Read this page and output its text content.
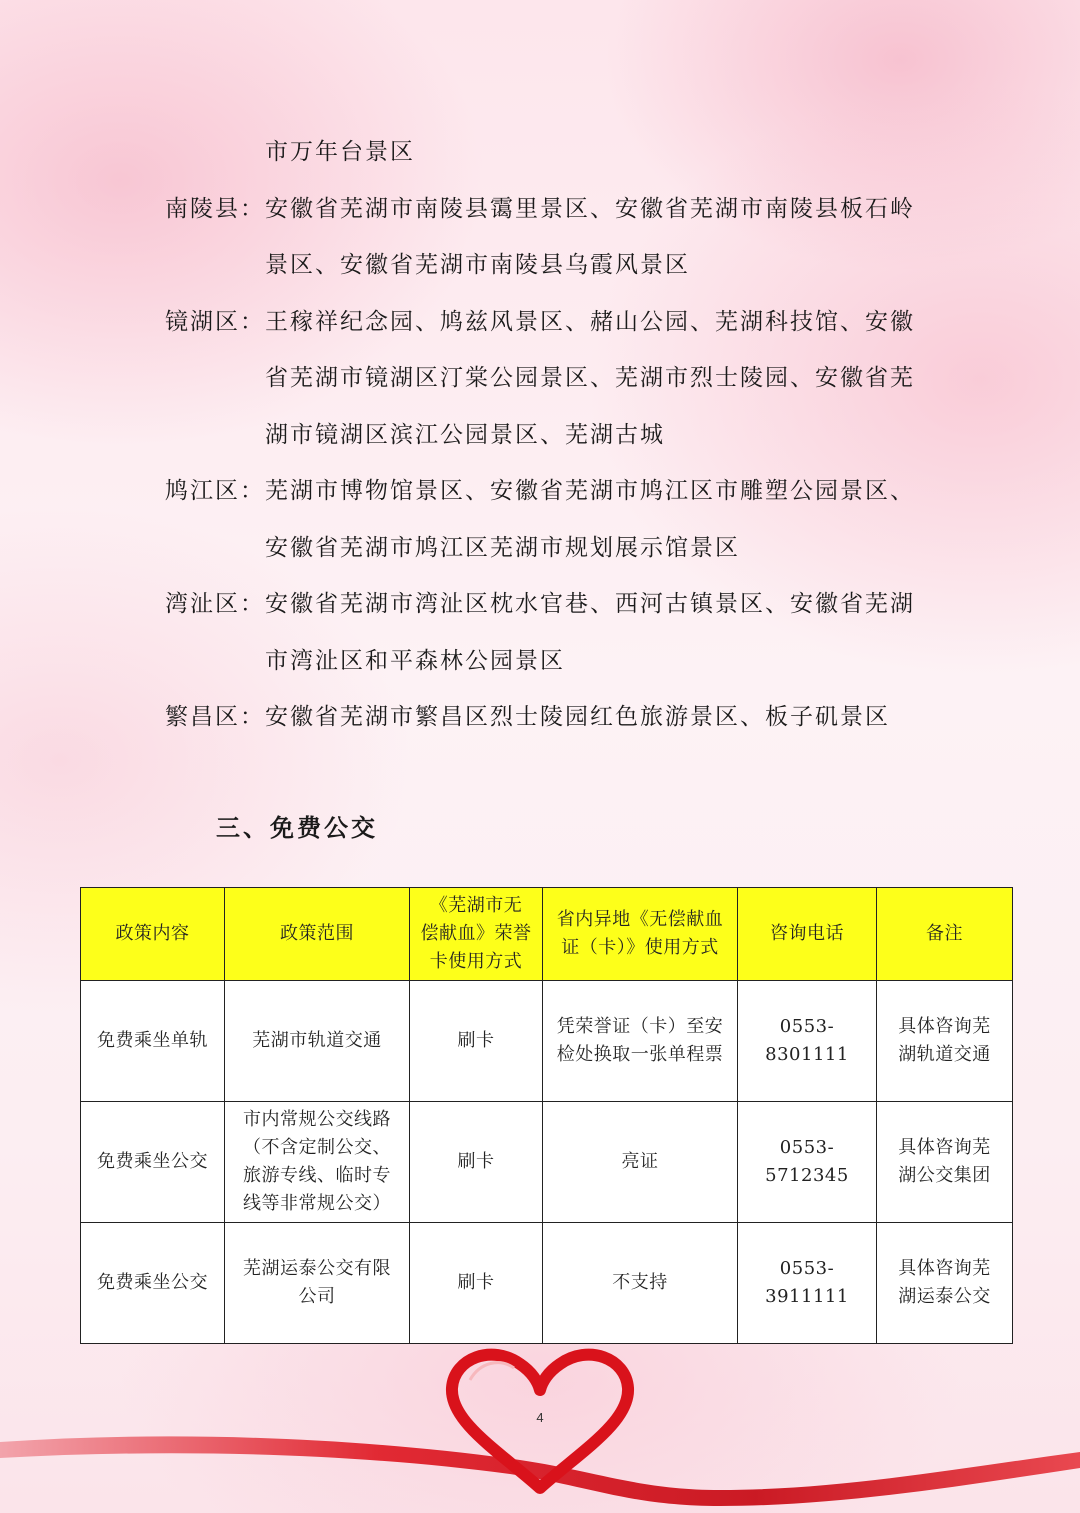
市万年台景区
南陵县： 安徽省芜湖市南陵县霭里景区、安徽省芜湖市南陵县板石岭
景区、安徽省芜湖市南陵县乌霞风景区
镜湖区： 王稼祥纪念园、鸠兹风景区、赭山公园、芜湖科技馆、安徽
省芜湖市镜湖区汀棠公园景区、芜湖市烈士陵园、安徽省芜
湖市镜湖区滨江公园景区、芜湖古城
鸠江区： 芜湖市博物馆景区、安徽省芜湖市鸠江区市雕塑公园景区、
安徽省芜湖市鸠江区芜湖市规划展示馆景区
湾沚区： 安徽省芜湖市湾沚区枕水官巷、西河古镇景区、安徽省芜湖
市湾沚区和平森林公园景区
繁昌区： 安徽省芜湖市繁昌区烈士陵园红色旅游景区、板子矶景区
三、免费公交
政策内容	政策范围	《芜湖市无
偿献血》荣誉
卡使用方式	省内异地《无偿献血
证（卡）》使用方式	咨询电话	备注

免费乘坐单轨	芜湖市轨道交通	刷卡	凭荣誉证（卡）至安
检处换取一张单程票	0553-8301111	具体咨询芜
湖轨道交通

免费乘坐公交	市内常规公交线路
（不含定制公交、
旅游专线、临时专
线等非常规公交）	刷卡	亮证	0553-5712345	具体咨询芜
湖公交集团

免费乘坐公交	芜湖运泰公交有限
公司	刷卡	不支持	0553-3911111	具体咨询芜
湖运泰公交
4
